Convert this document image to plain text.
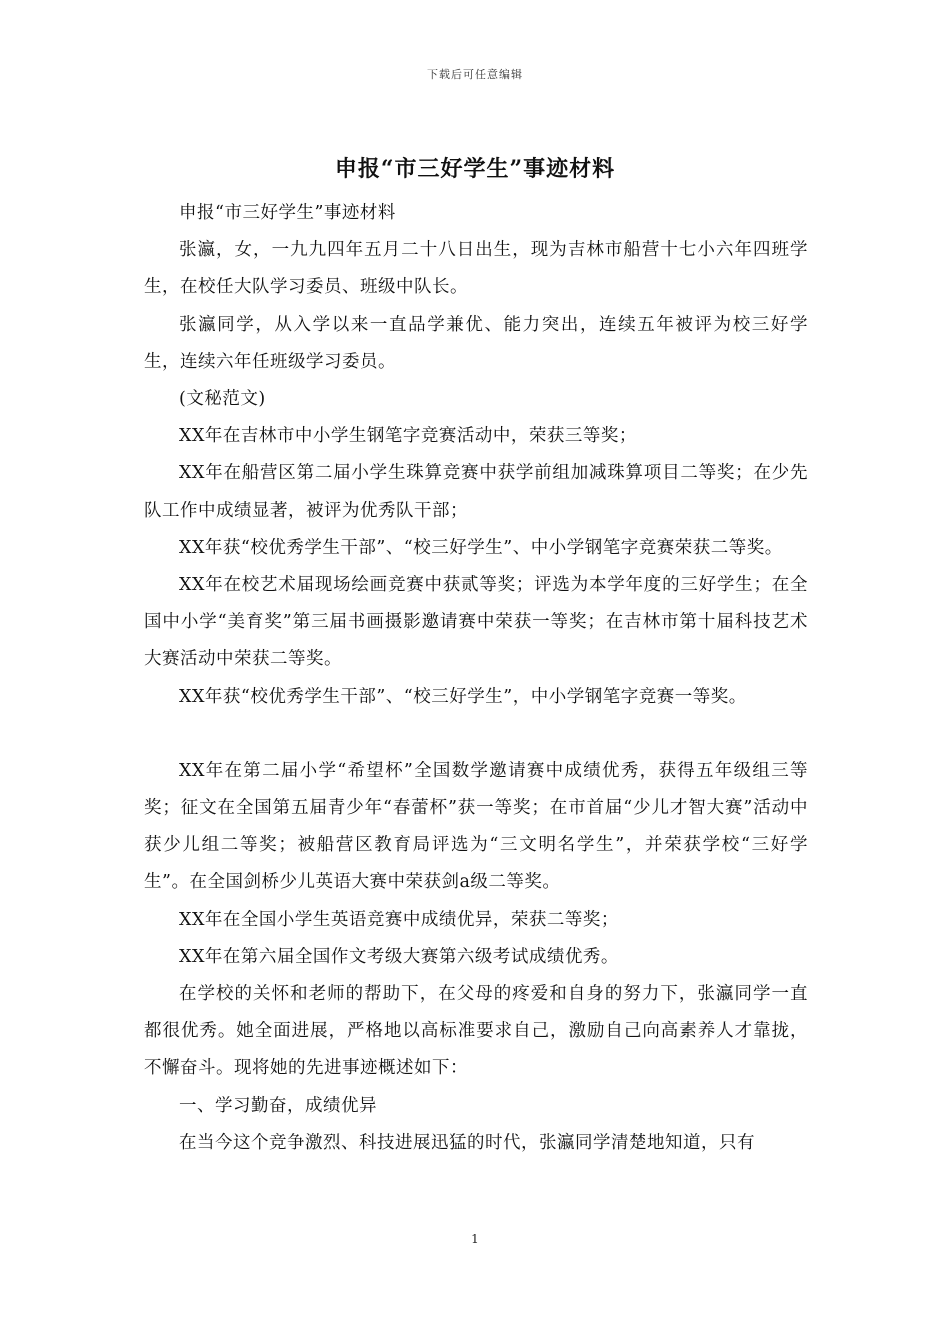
下载后可任意编辑
申报“市三好学生”事迹材料

申报“市三好学生”事迹材料

张瀛，女，一九九四年五月二十八日出生，现为吉林市船营十七小六年四班学生，在校任大队学习委员、班级中队长。

张瀛同学，从入学以来一直品学兼优、能力突出，连续五年被评为校三好学生，连续六年任班级学习委员。

(文秘范文)

XX年在吉林市中小学生钢笔字竞赛活动中，荣获三等奖；

XX年在船营区第二届小学生珠算竞赛中获学前组加减珠算项目二等奖；在少先队工作中成绩显著，被评为优秀队干部；

XX年获“校优秀学生干部”、“校三好学生”、中小学钢笔字竞赛荣获二等奖。

XX年在校艺术届现场绘画竞赛中获贰等奖；评选为本学年度的三好学生；在全国中小学“美育奖”第三届书画摄影邀请赛中荣获一等奖；在吉林市第十届科技艺术大赛活动中荣获二等奖。

XX年获“校优秀学生干部”、“校三好学生”，中小学钢笔字竞赛一等奖。

XX年在第二届小学“希望杯”全国数学邀请赛中成绩优秀，获得五年级组三等奖；征文在全国第五届青少年“春蕾杯”获一等奖；在市首届“少儿才智大赛”活动中获少儿组二等奖；被船营区教育局评选为“三文明名学生”，并荣获学校“三好学生”。在全国剑桥少儿英语大赛中荣获剑a级二等奖。

XX年在全国小学生英语竞赛中成绩优异，荣获二等奖；

XX年在第六届全国作文考级大赛第六级考试成绩优秀。

在学校的关怀和老师的帮助下，在父母的疼爱和自身的努力下，张瀛同学一直都很优秀。她全面进展，严格地以高标准要求自己，激励自己向高素养人才靠拢，不懈奋斗。现将她的先进事迹概述如下：

一、学习勤奋，成绩优异

在当今这个竞争激烈、科技进展迅猛的时代，张瀛同学清楚地知道，只有

1
